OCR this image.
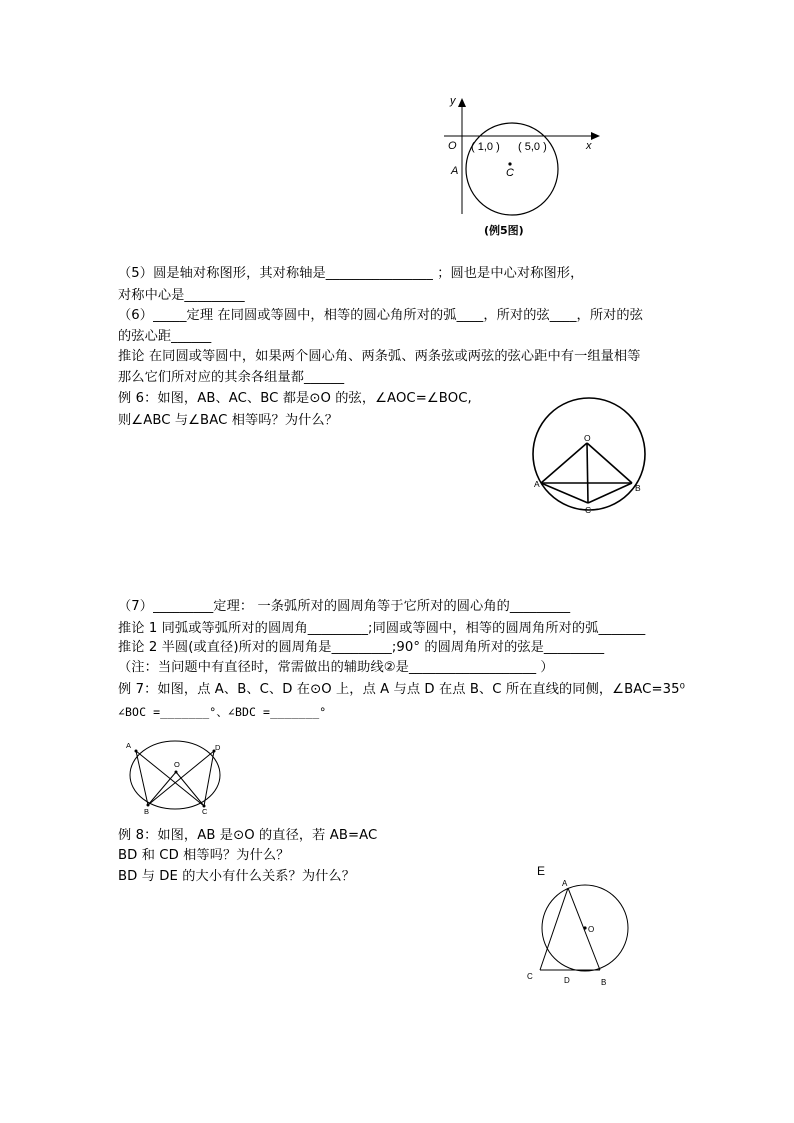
y
x
O
A	C
( 1,0 ) ( 5,0 )
(例5图)
（5）圆是轴对称图形，其对称轴是________________ ；圆也是中心对称图形，
对称中心是_________
（6）_____定理 在同圆或等圆中，相等的圆心角所对的弧____，所对的弦____，所对的弦
的弦心距______
推论 在同圆或等圆中，如果两个圆心角、两条弧、两条弦或两弦的弦心距中有一组量相等
那么它们所对应的其余各组量都______
例 6：如图，AB、AC、BC 都是⊙O 的弦，∠AOC=∠BOC,
则∠ABC 与∠BAC 相等吗？为什么？
O
A	B
C
（7）_________定理： 一条弧所对的圆周角等于它所对的圆心角的_________
推论 1 同弧或等弧所对的圆周角_________;同圆或等圆中，相等的圆周角所对的弧_______
推论 2 半圆(或直径)所对的圆周角是_________;90° 的圆周角所对的弦是_________
（注：当问题中有直径时，常需做出的辅助线②是___________________ ）
例 7：如图，点 A、B、C、D 在⊙O 上，点 A 与点 D 在点 B、C 所在直线的同侧，∠BAC=35⁰
∠BOC =_______°、∠BDC =_______°
A	D
O
B	C
例 8：如图，AB 是⊙O 的直径，若 AB=AC
BD 和 CD 相等吗？为什么？
BD 与 DE 的大小有什么关系？为什么？	E
A
O
C	D	B
